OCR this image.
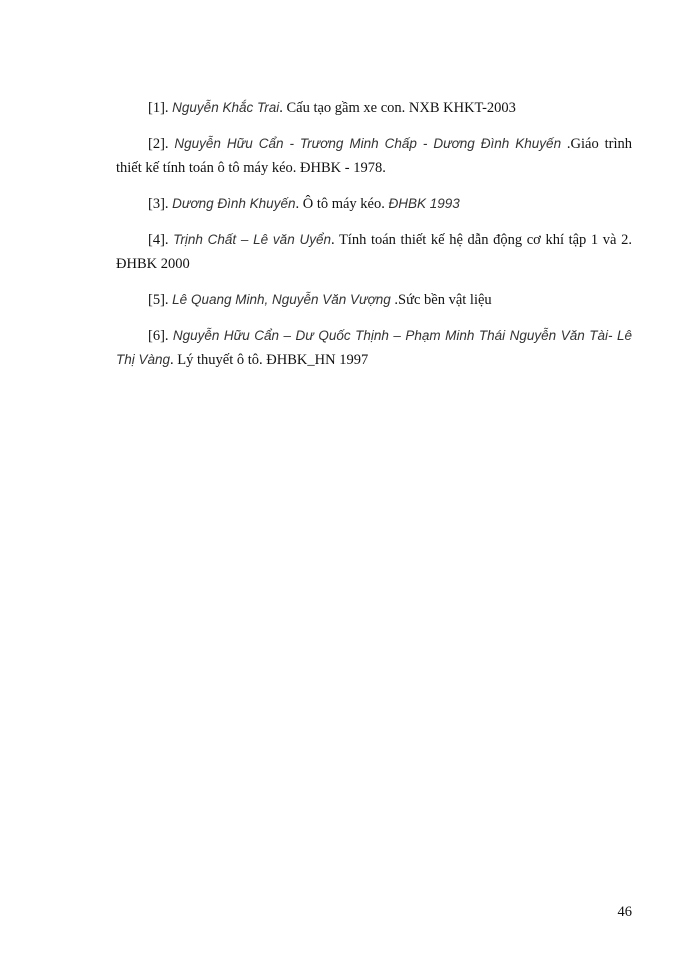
[1]. Nguyễn Khắc Trai. Cấu tạo gầm xe con. NXB KHKT-2003

[2]. Nguyễn Hữu Cẩn - Trương Minh Chấp - Dương Đình Khuyến .Giáo trình thiết kế tính toán ô tô máy kéo. ĐHBK - 1978.

[3]. Dương Đình Khuyến. Ô tô máy kéo. ĐHBK 1993

[4]. Trịnh Chất – Lê văn Uyển. Tính toán thiết kế hệ dẫn động cơ khí tập 1 và 2. ĐHBK 2000

[5]. Lê Quang Minh, Nguyễn Văn Vượng .Sức bền vật liệu

[6]. Nguyễn Hữu Cẩn – Dư Quốc Thịnh – Phạm Minh Thái Nguyễn Văn Tài- Lê Thị Vàng. Lý thuyết ô tô. ĐHBK_HN 1997

46
